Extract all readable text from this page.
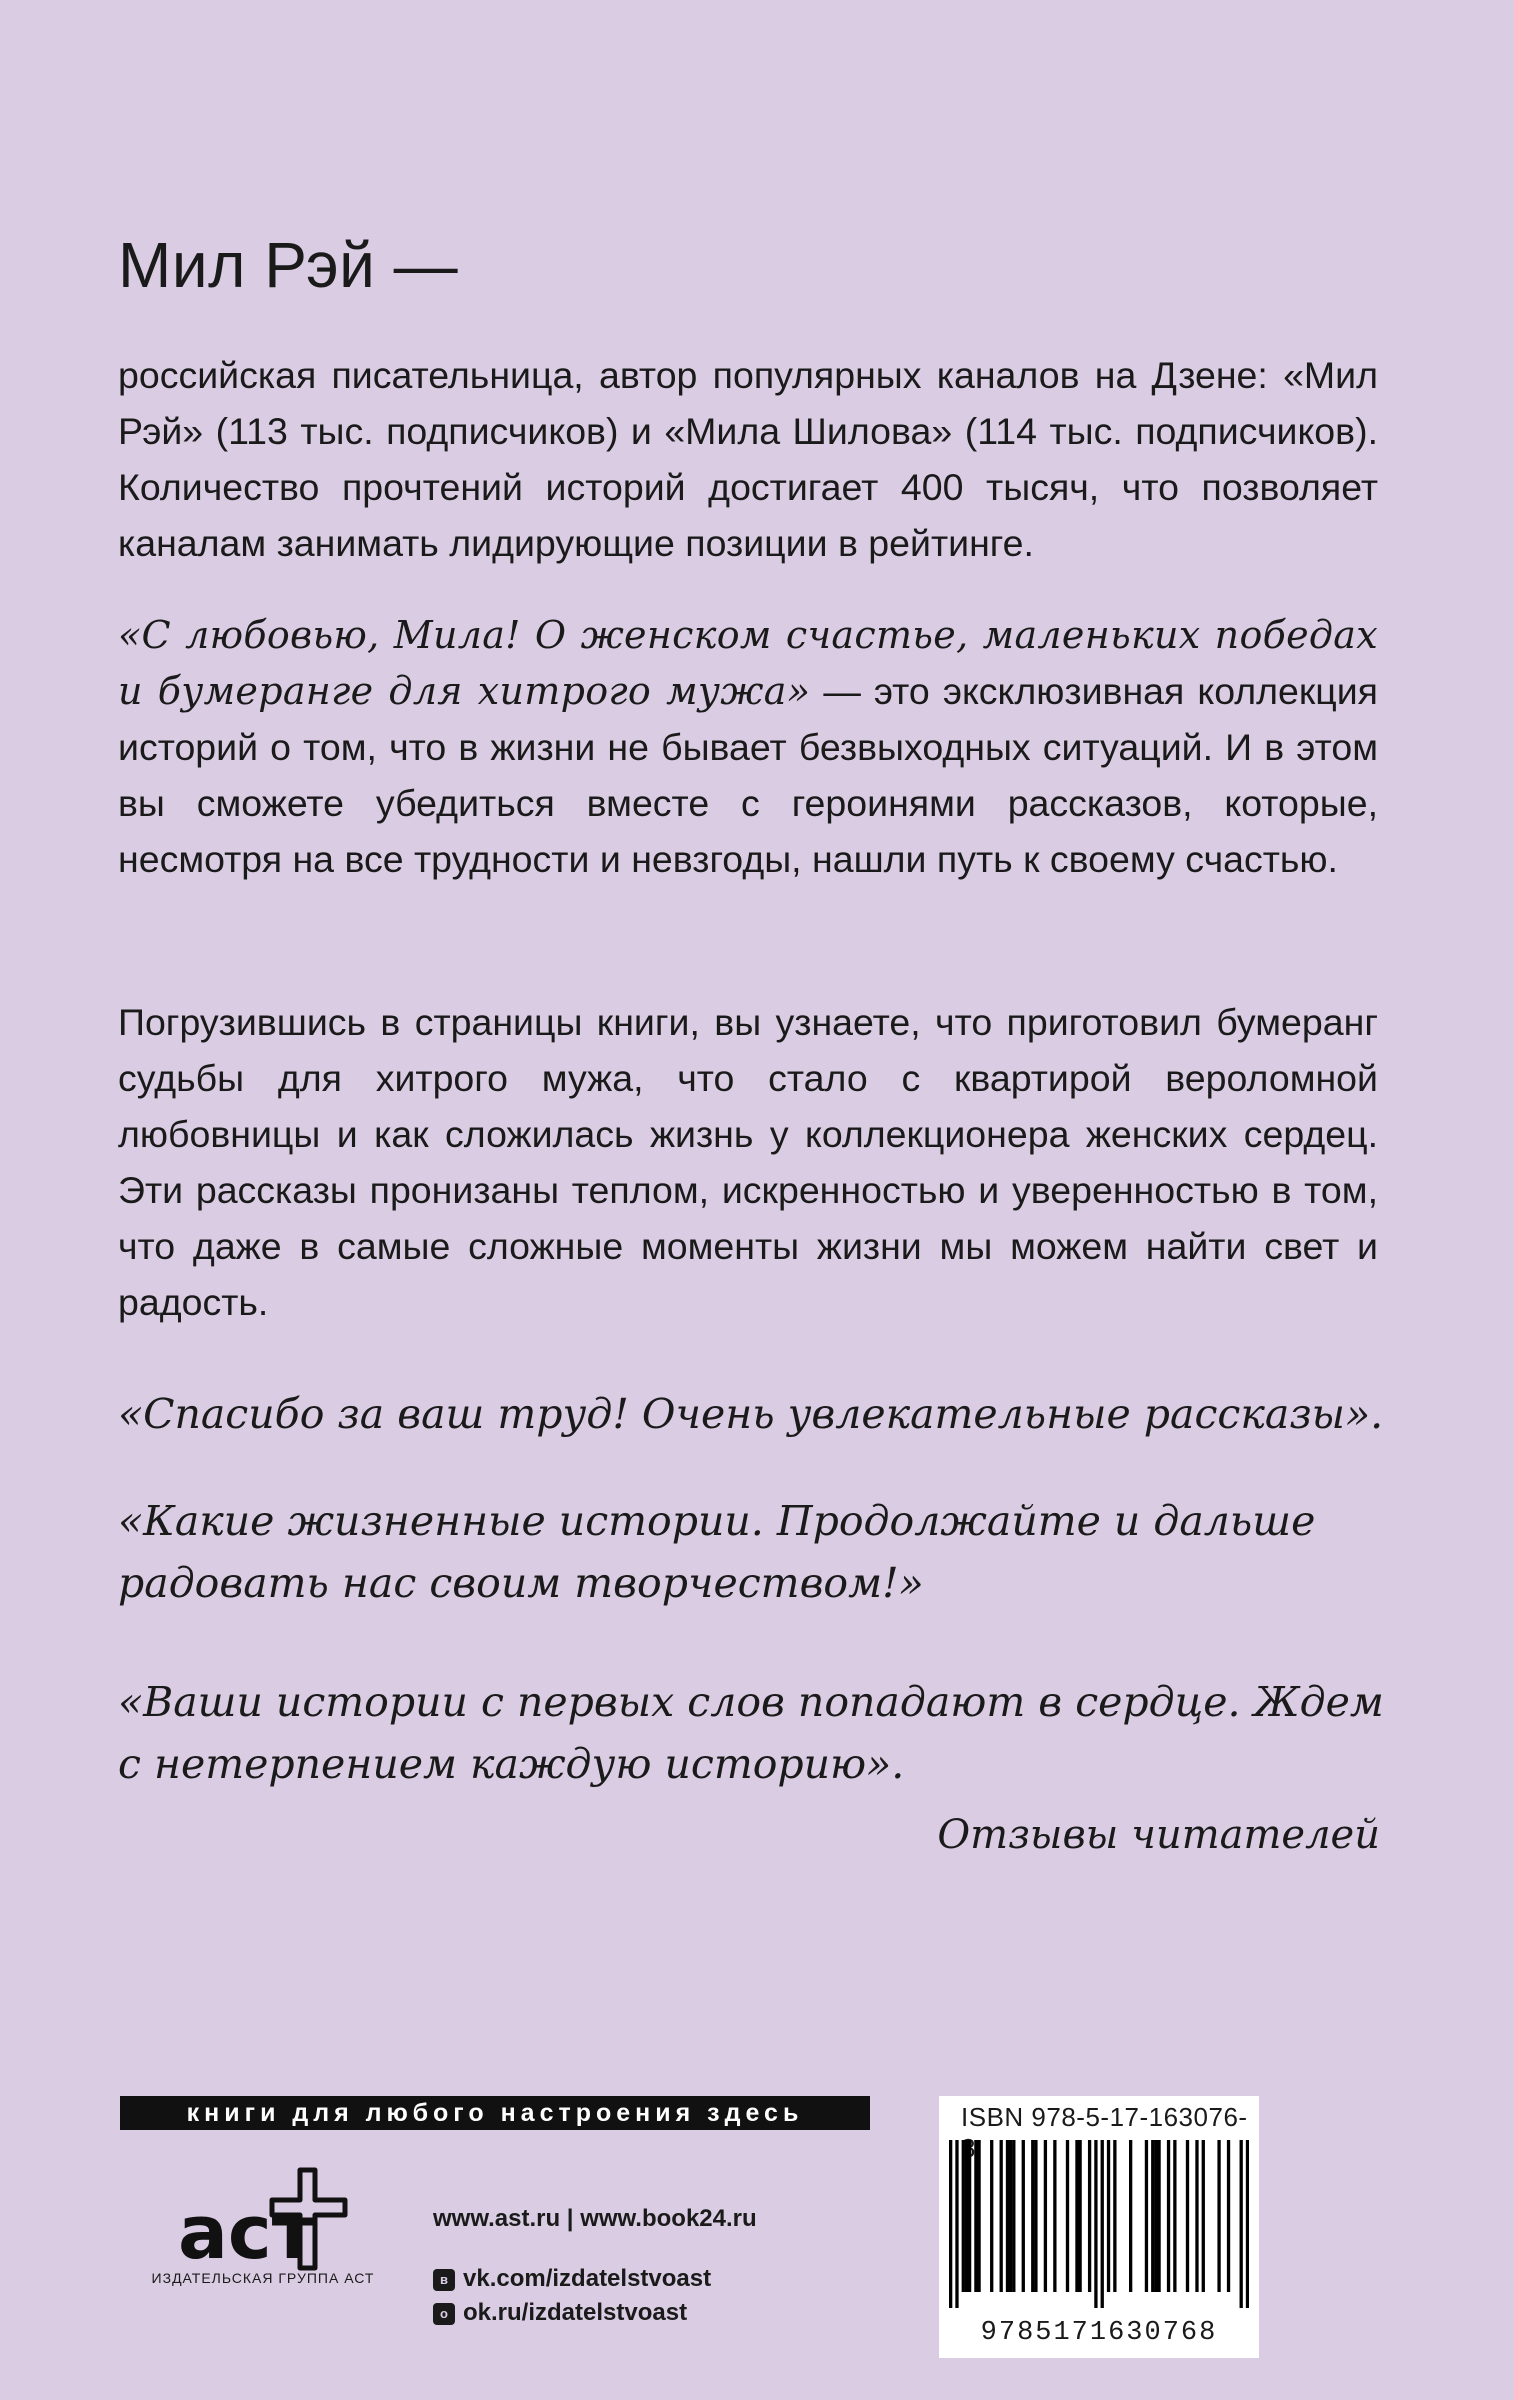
Мил Рэй —

российская писательница, автор популярных каналов на Дзене: «Мил Рэй» (113 тыс. подписчиков) и «Мила Шилова» (114 тыс. подписчиков). Количество прочтений историй достигает 400 тысяч, что позволяет каналам занимать лидирующие позиции в рейтинге.

«С любовью, Мила! О женском счастье, маленьких победах и бумеранге для хитрого мужа» — это эксклюзивная коллекция историй о том, что в жизни не бывает безвыходных ситуаций. И в этом вы сможете убедиться вместе с героинями рассказов, которые, несмотря на все трудности и невзгоды, нашли путь к своему счастью.

Погрузившись в страницы книги, вы узнаете, что приготовил бумеранг судьбы для хитрого мужа, что стало с квартирой вероломной любовницы и как сложилась жизнь у коллекционера женских сердец. Эти рассказы пронизаны теплом, искренностью и уверенностью в том, что даже в самые сложные моменты жизни мы можем найти свет и радость.

«Спасибо за ваш труд! Очень увлекательные рассказы».

«Какие жизненные истории. Продолжайте и дальше радовать нас своим творчеством!»

«Ваши истории с первых слов попадают в сердце. Ждем с нетерпением каждую историю».

Отзывы читателей

книги для любого настроения здесь
аст
ИЗДАТЕЛЬСКАЯ ГРУППА АСТ
www.ast.ru | www.book24.ru
в vk.com/izdatelstvoast
о ok.ru/izdatelstvoast
ISBN 978-5-17-163076-
9785171630768
